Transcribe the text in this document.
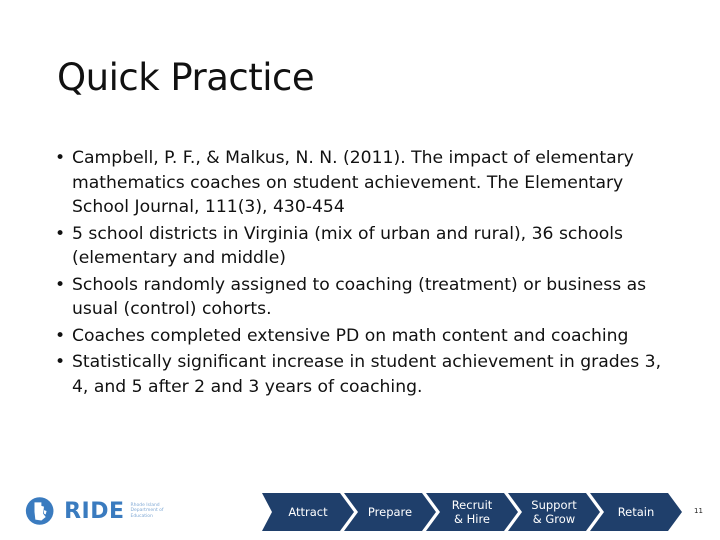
Quick Practice
• Campbell, P. F., & Malkus, N. N. (2011). The impact of elementary mathematics coaches on student achievement. The Elementary School Journal, 111(3), 430-454
• 5 school districts in Virginia (mix of urban and rural), 36 schools (elementary and middle)
• Schools randomly assigned to coaching (treatment) or business as usual (control) cohorts.
• Coaches completed extensive PD on math content and coaching
• Statistically significant increase in student achievement in grades 3, 4, and 5 after 2 and 3 years of coaching.
RIDE Rhode Island Department of Education	Attract	Prepare	Recruit
& Hire
Support
& Grow	Retain	11
